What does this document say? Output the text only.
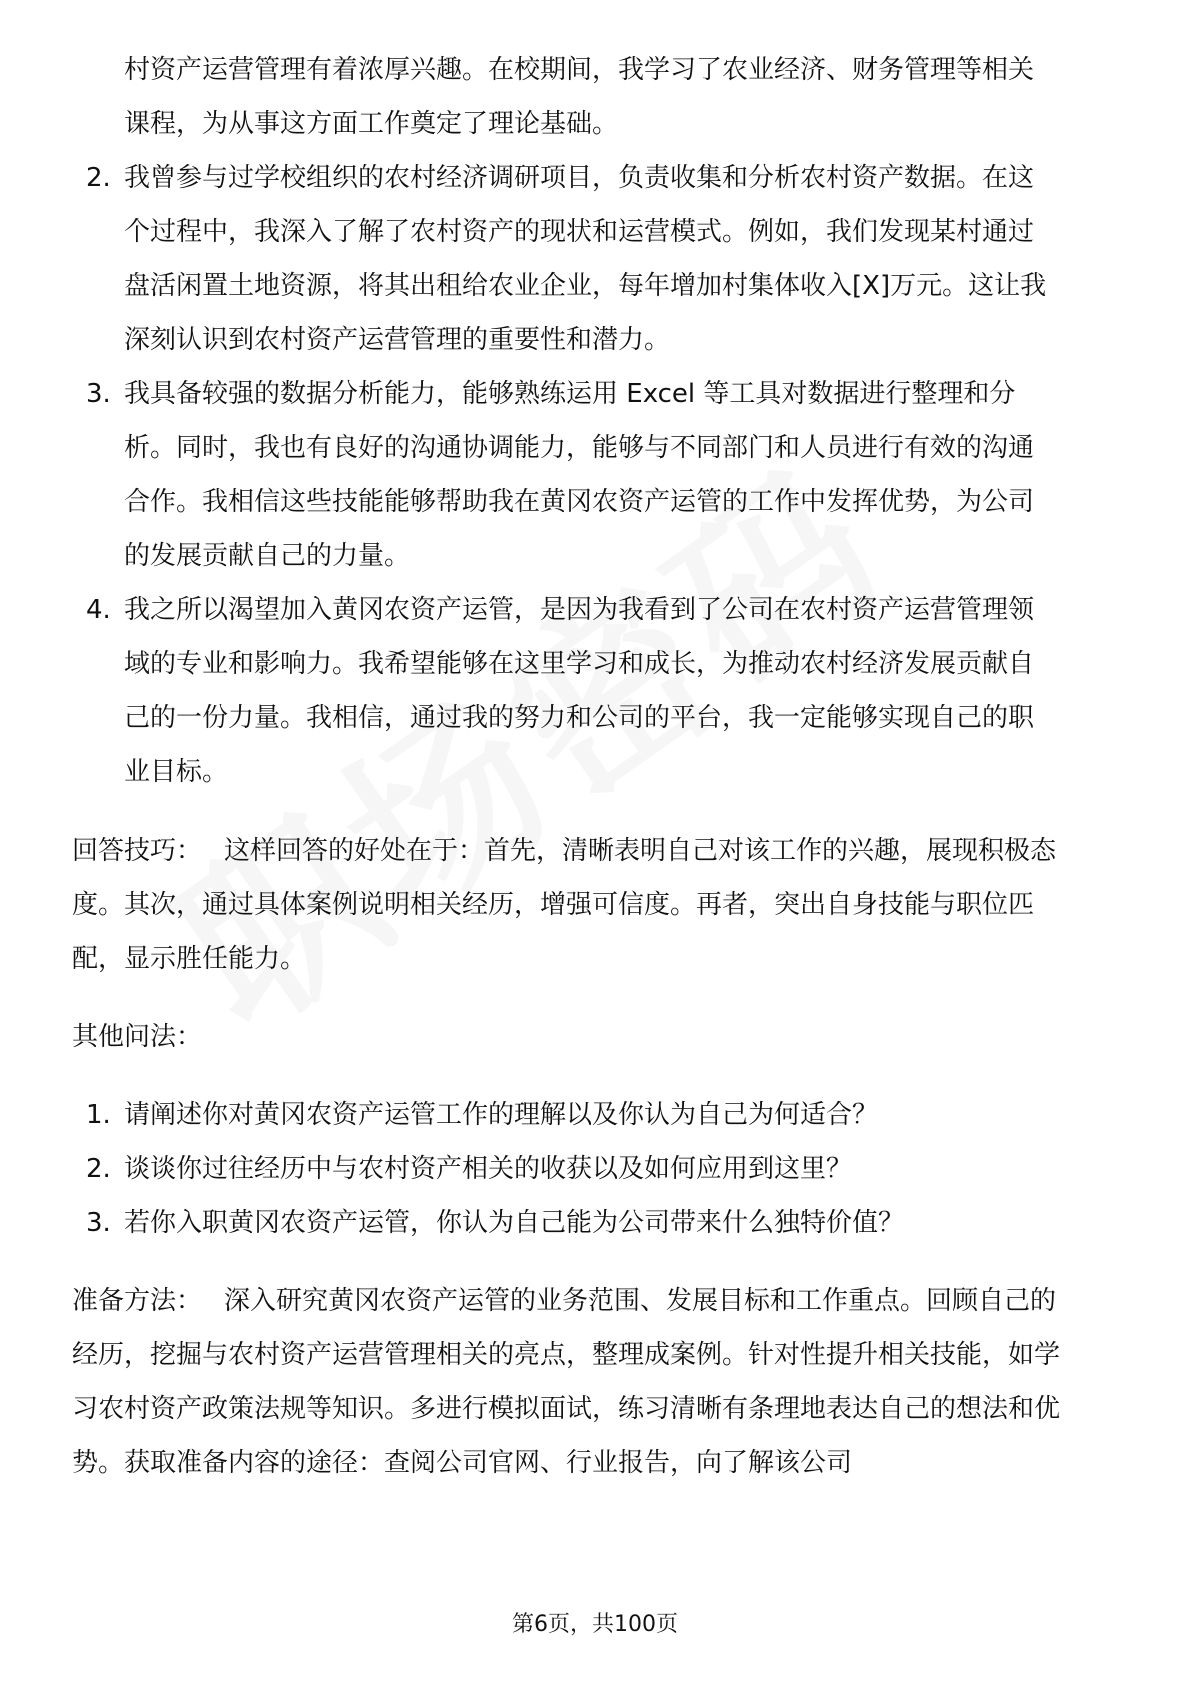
村资产运营管理有着浓厚兴趣。在校期间，我学习了农业经济、财务管理等相关课程，为从事这方面工作奠定了理论基础。
2. 我曾参与过学校组织的农村经济调研项目，负责收集和分析农村资产数据。在这个过程中，我深入了解了农村资产的现状和运营模式。例如，我们发现某村通过盘活闲置土地资源，将其出租给农业企业，每年增加村集体收入[X]万元。这让我深刻认识到农村资产运营管理的重要性和潜力。
3. 我具备较强的数据分析能力，能够熟练运用 Excel 等工具对数据进行整理和分析。同时，我也有良好的沟通协调能力，能够与不同部门和人员进行有效的沟通合作。我相信这些技能能够帮助我在黄冈农资产运管的工作中发挥优势，为公司的发展贡献自己的力量。
4. 我之所以渴望加入黄冈农资产运管，是因为我看到了公司在农村资产运营管理领域的专业和影响力。我希望能够在这里学习和成长，为推动农村经济发展贡献自己的一份力量。我相信，通过我的努力和公司的平台，我一定能够实现自己的职业目标。

回答技巧： 这样回答的好处在于：首先，清晰表明自己对该工作的兴趣，展现积极态度。其次，通过具体案例说明相关经历，增强可信度。再者，突出自身技能与职位匹配，显示胜任能力。

其他问法：

1. 请阐述你对黄冈农资产运管工作的理解以及你认为自己为何适合？
2. 谈谈你过往经历中与农村资产相关的收获以及如何应用到这里？
3. 若你入职黄冈农资产运管，你认为自己能为公司带来什么独特价值？

准备方法： 深入研究黄冈农资产运管的业务范围、发展目标和工作重点。回顾自己的经历，挖掘与农村资产运营管理相关的亮点，整理成案例。针对性提升相关技能，如学习农村资产政策法规等知识。多进行模拟面试，练习清晰有条理地表达自己的想法和优势。获取准备内容的途径：查阅公司官网、行业报告，向了解该公司

第6页，共100页
